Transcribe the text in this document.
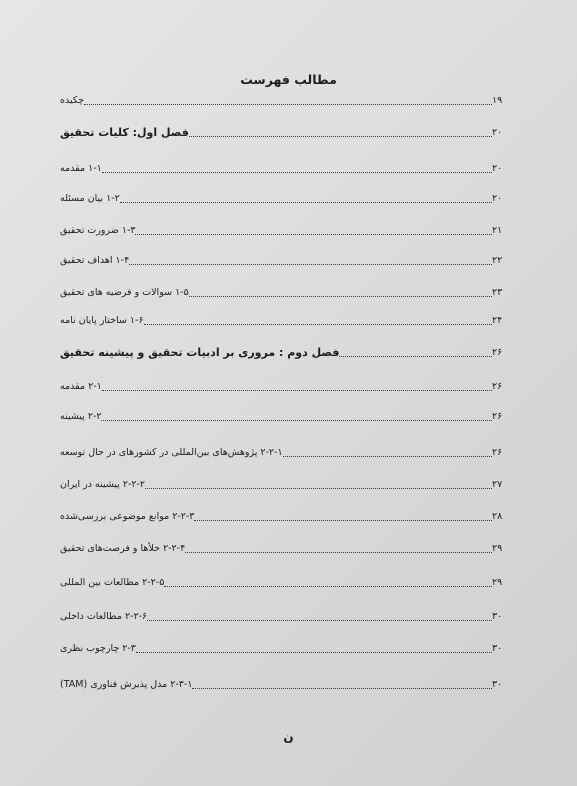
مطالب فهرست
چکیده	۱۹
فصل اول: کلیات تحقیق	۲۰
۱-۱ مقدمه	۲۰
۱-۲ بیان مسئله	۲۰
۱-۳ ضرورت تحقیق	۲۱
۱-۴ اهداف تحقیق	۲۲
۱-۵ سوالات و فرضیه های تحقیق	۲۳
۱-۶ ساختار پایان نامه	۲۴
فصل دوم : مروری بر ادبیات تحقیق و پیشینه تحقیق	۲۶
۲-۱ مقدمه	۲۶
۲-۲ پیشینه	۲۶
۲-۲-۱ پژوهش‌های بین‌المللی در کشورهای در حال توسعه	۲۶
۲-۲-۲ پیشینه در ایران	۲۷
۲-۲-۳ موانع موضوعی بررسی‌شده	۲۸
۲-۲-۴ خلأها و فرصت‌های تحقیق	۲۹
۲-۲-۵ مطالعات بین المللی	۲۹
۲-۲-۶ مطالعات داخلی	۳۰
۲-۳ چارچوب نظری	۳۰
۲-۳-۱ مدل پذیرش فناوری (TAM)	۳۰
ن
